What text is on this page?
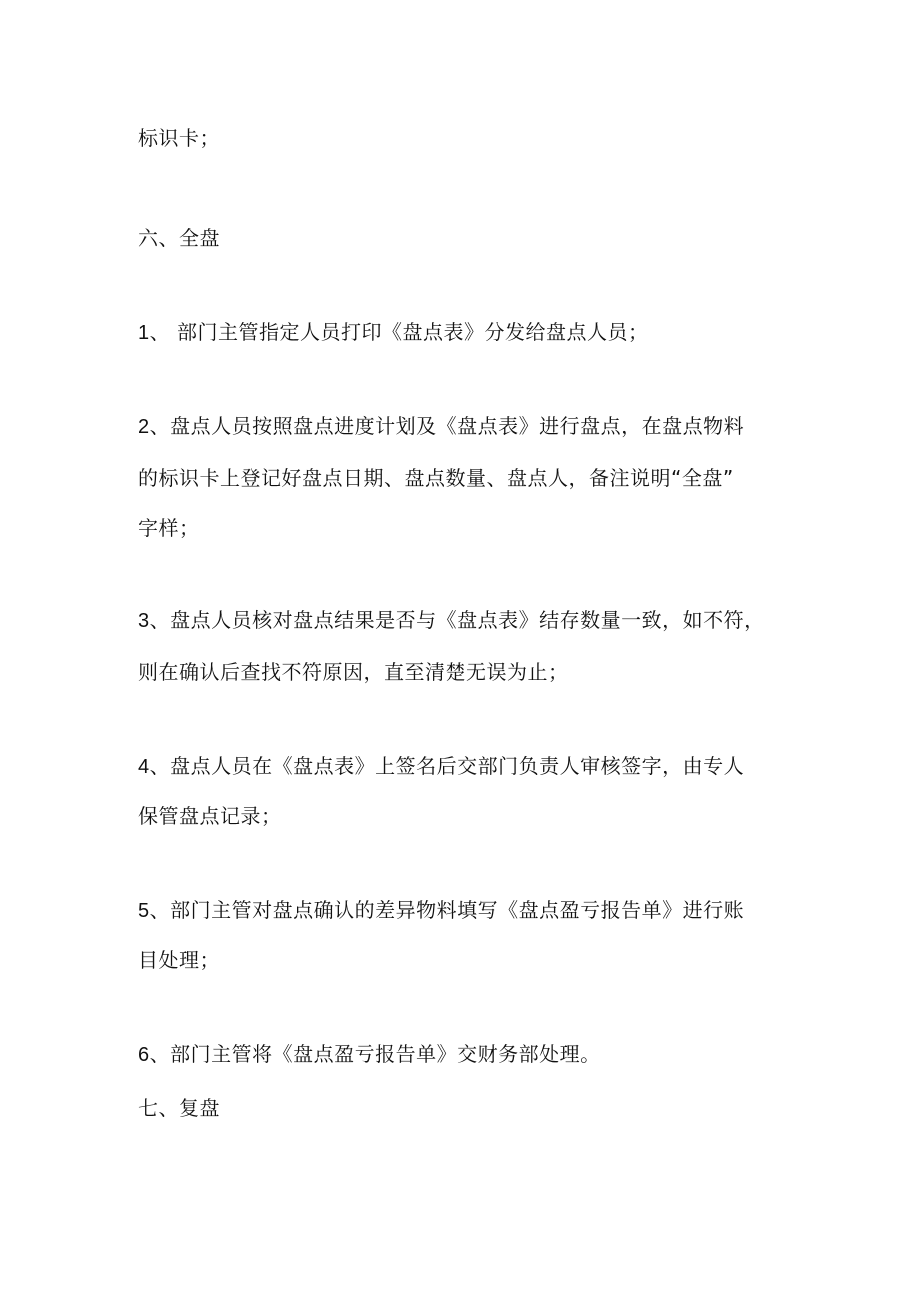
标识卡；

六、全盘

1、 部门主管指定人员打印《盘点表》分发给盘点人员；

2、盘点人员按照盘点进度计划及《盘点表》进行盘点，在盘点物料

的标识卡上登记好盘点日期、盘点数量、盘点人，备注说明“全盘”

字样；

3、盘点人员核对盘点结果是否与《盘点表》结存数量一致，如不符，

则在确认后查找不符原因，直至清楚无误为止；

4、盘点人员在《盘点表》上签名后交部门负责人审核签字，由专人

保管盘点记录；

5、部门主管对盘点确认的差异物料填写《盘点盈亏报告单》进行账

目处理；

6、部门主管将《盘点盈亏报告单》交财务部处理。

七、复盘
